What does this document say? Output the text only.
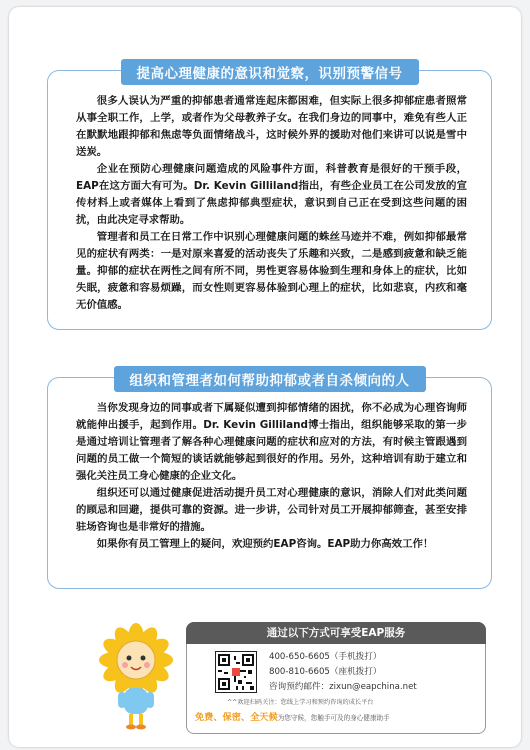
提高心理健康的意识和觉察，识别预警信号

很多人误认为严重的抑郁患者通常连起床都困难，但实际上很多抑郁症患者照常从事全职工作，上学，或者作为父母教养子女。在我们身边的同事中，难免有些人正在默默地跟抑郁和焦虑等负面情绪战斗，这时候外界的援助对他们来讲可以说是雪中送炭。

企业在预防心理健康问题造成的风险事件方面，科普教育是很好的干预手段，EAP在这方面大有可为。Dr. Kevin Gilliland指出，有些企业员工在公司发放的宣传材料上或者媒体上看到了焦虑抑郁典型症状，意识到自己正在受到这些问题的困扰，由此决定寻求帮助。

管理者和员工在日常工作中识别心理健康问题的蛛丝马迹并不难，例如抑郁最常见的症状有两类：一是对原来喜爱的活动丧失了乐趣和兴致，二是感到疲惫和缺乏能量。抑郁的症状在两性之间有所不同，男性更容易体验到生理和身体上的症状，比如失眠，疲惫和容易烦躁，而女性则更容易体验到心理上的症状，比如悲哀，内疚和毫无价值感。

组织和管理者如何帮助抑郁或者自杀倾向的人

当你发现身边的同事或者下属疑似遭到抑郁情绪的困扰，你不必成为心理咨询师就能伸出援手，起到作用。Dr. Kevin Gilliland博士指出，组织能够采取的第一步是通过培训让管理者了解各种心理健康问题的症状和应对的方法，有时候主管跟遇到问题的员工做一个简短的谈话就能够起到很好的作用。另外，这种培训有助于建立和强化关注员工身心健康的企业文化。

组织还可以通过健康促进活动提升员工对心理健康的意识，消除人们对此类问题的顾忌和回避，提供可靠的资源。进一步讲，公司针对员工开展抑郁筛查，甚至安排驻场咨询也是非常好的措施。

如果你有员工管理上的疑问，欢迎预约EAP咨询。EAP助力你高效工作！

通过以下方式可享受EAP服务
400-650-6605（手机拨打）
800-810-6605（座机拨打）
咨询预约邮件：zixun@eapchina.net
^^欢迎扫码关注：您线上学习和预约咨询的成长平台
免费、保密、全天候为您守候，您触手可及的身心健康助手
